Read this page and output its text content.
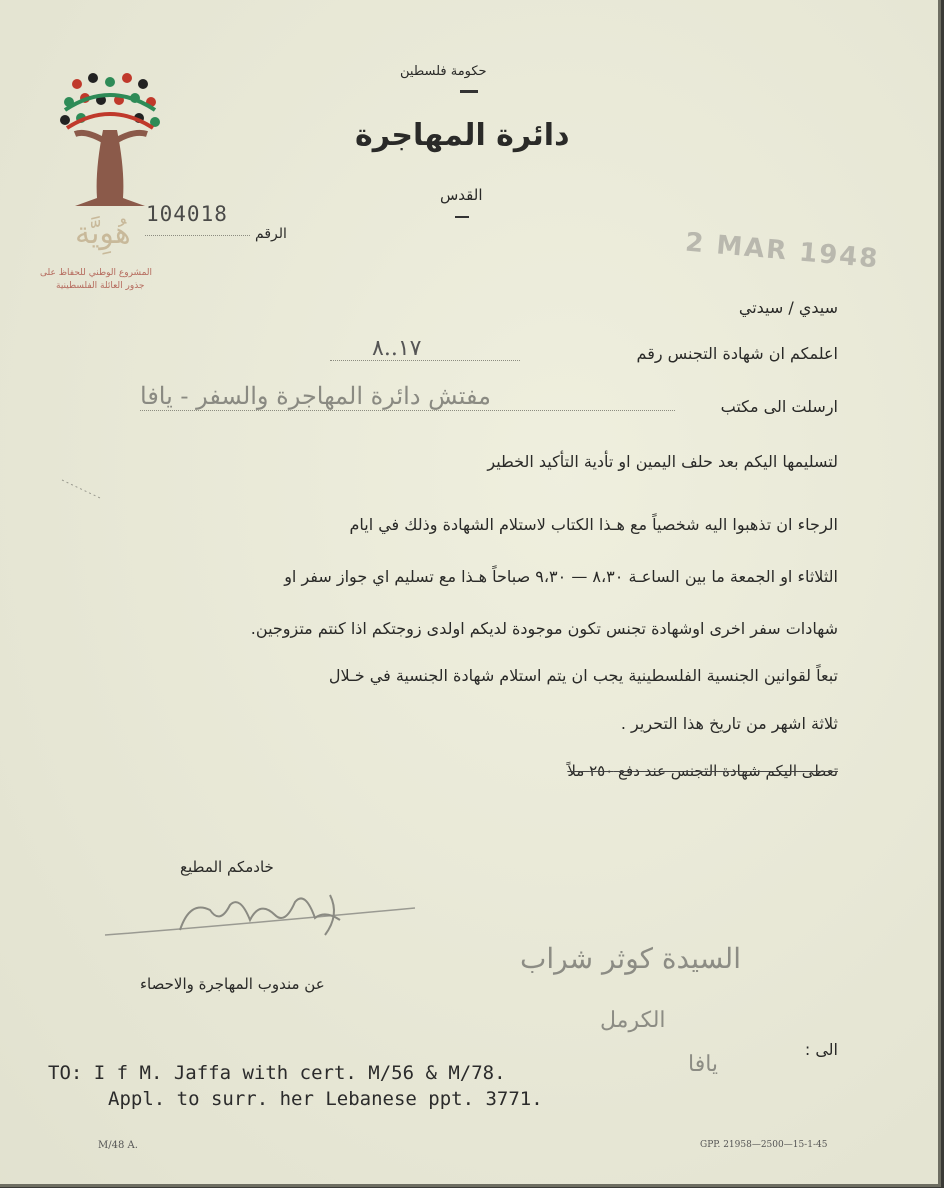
هُوِيَّة
المشروع الوطني للحفاظ على
جذور العائلة الفلسطينية
حكومة فلسطين
دائرة المهاجرة
القدس
الرقم
104018
2 MAR 1948
سيدي / سيدتي
اعلمكم ان شهادة التجنس رقم
١٧..٨
ارسلت الى مكتب
مفتش دائرة المهاجرة والسفر - يافا
لتسليمها اليكم بعد حلف اليمين او تأدية التأكيد الخطير
الرجاء ان تذهبوا اليه شخصياً مع هـذا الكتاب لاستلام الشهادة وذلك في ايام
الثلاثاء او الجمعة ما بين الساعـة ٨،٣٠ — ٩،٣٠ صباحاً هـذا مع تسليم اي جواز سفر او
شهادات سفر اخرى اوشهادة تجنس تكون موجودة لديكم اولدى زوجتكم اذا كنتم متزوجين.
تبعاً لقوانين الجنسية الفلسطينية يجب ان يتم استلام شهادة الجنسية في خـلال
ثلاثة اشهر من تاريخ هذا التحرير .
تعطى اليكم شهادة التجنس عند دفع ٢٥٠ ملاً
خادمكم المطيع
عن مندوب المهاجرة والاحصاء
السيدة كوثر شراب
الكرمل
يافا
الى :
TO: I f M. Jaffa with cert. M/56 & M/78.
Appl. to surr. her Lebanese ppt. 3771.
M/48 A.	GPP. 21958—2500—15-1-45
